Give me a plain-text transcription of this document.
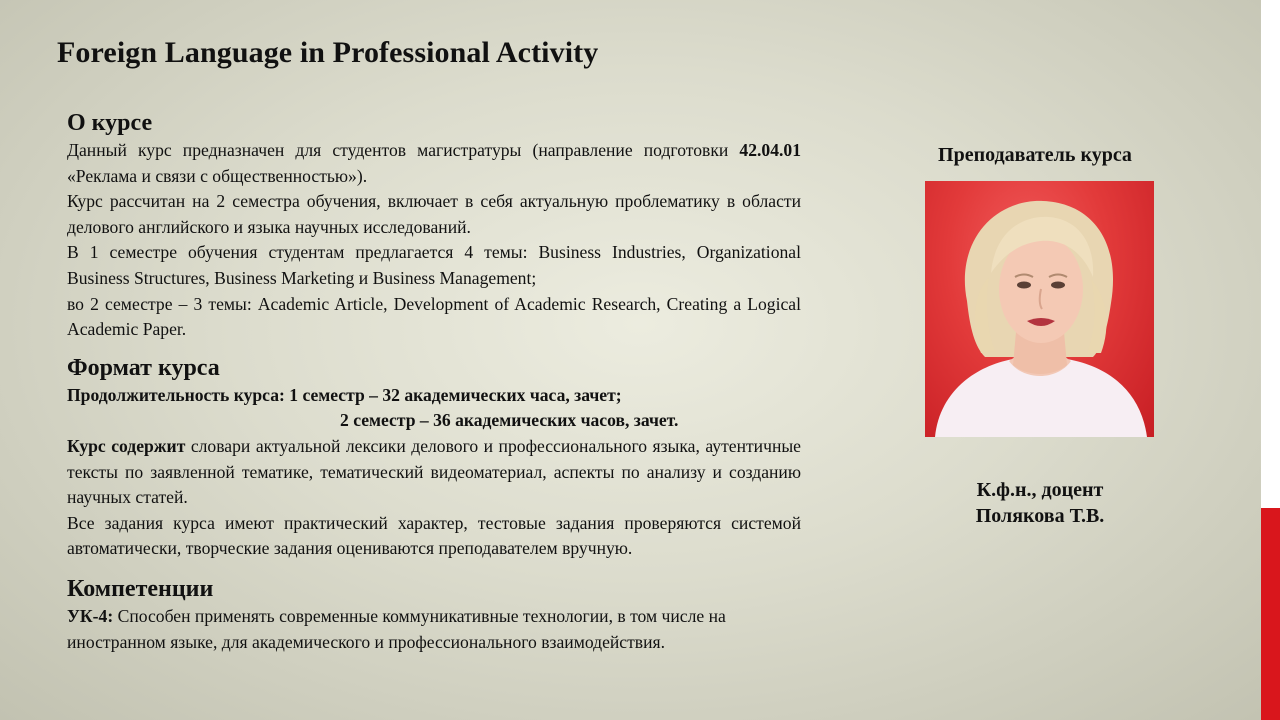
Foreign Language in Professional Activity
О курсе

Данный курс предназначен для студентов магистратуры (направление подготовки 42.04.01 «Реклама и связи с общественностью»).

Курс рассчитан на 2 семестра обучения, включает в себя актуальную проблематику в области делового английского и языка научных исследований.

В 1 семестре обучения студентам предлагается 4 темы: Business Industries, Organizational Business Structures, Business Marketing и Business Management;

во 2 семестре – 3 темы: Academic Article, Development of Academic Research, Creating a Logical Academic Paper.

Формат курса

Продолжительность курса: 1 семестр – 32 академических часа, зачет;

2 семестр – 36 академических часов, зачет.

Курс содержит словари актуальной лексики делового и профессионального языка, аутентичные тексты по заявленной тематике, тематический видеоматериал, аспекты по анализу и созданию научных статей.

Все задания курса имеют практический характер, тестовые задания проверяются системой автоматически, творческие задания оцениваются преподавателем вручную.

Компетенции

УК-4: Способен применять современные коммуникативные технологии, в том числе на иностранном языке, для академического и профессионального взаимодействия.

Преподаватель курса
К.ф.н., доцент
Полякова Т.В.
